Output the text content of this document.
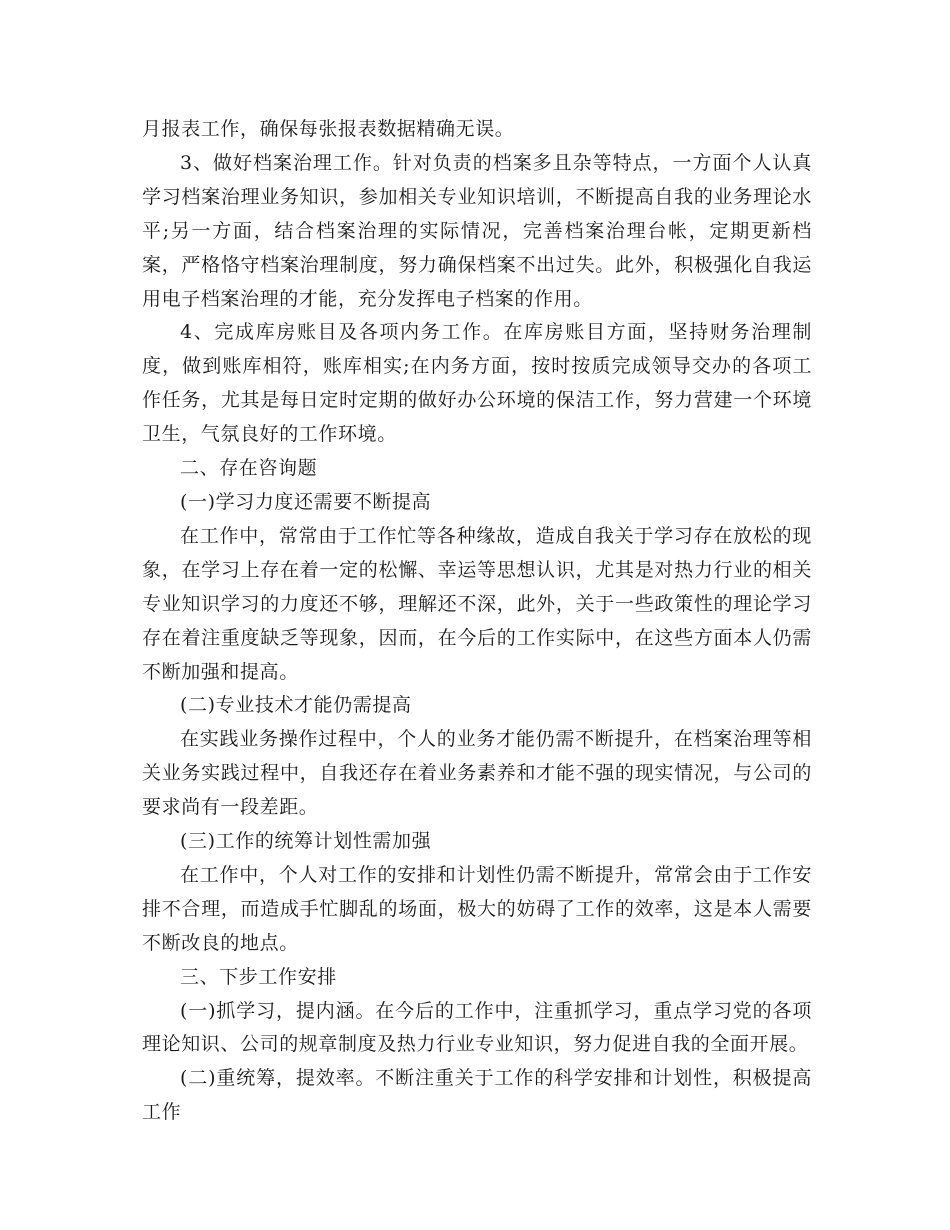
月报表工作，确保每张报表数据精确无误。

3、做好档案治理工作。针对负责的档案多且杂等特点，一方面个人认真学习档案治理业务知识，参加相关专业知识培训，不断提高自我的业务理论水平;另一方面，结合档案治理的实际情况，完善档案治理台帐，定期更新档案，严格恪守档案治理制度，努力确保档案不出过失。此外，积极强化自我运用电子档案治理的才能，充分发挥电子档案的作用。

4、完成库房账目及各项内务工作。在库房账目方面，坚持财务治理制度，做到账库相符，账库相实;在内务方面，按时按质完成领导交办的各项工作任务，尤其是每日定时定期的做好办公环境的保洁工作，努力营建一个环境卫生，气氛良好的工作环境。

二、存在咨询题

(一)学习力度还需要不断提高

在工作中，常常由于工作忙等各种缘故，造成自我关于学习存在放松的现象，在学习上存在着一定的松懈、幸运等思想认识，尤其是对热力行业的相关专业知识学习的力度还不够，理解还不深，此外，关于一些政策性的理论学习存在着注重度缺乏等现象，因而，在今后的工作实际中，在这些方面本人仍需不断加强和提高。

(二)专业技术才能仍需提高

在实践业务操作过程中，个人的业务才能仍需不断提升，在档案治理等相关业务实践过程中，自我还存在着业务素养和才能不强的现实情况，与公司的要求尚有一段差距。

(三)工作的统筹计划性需加强

在工作中，个人对工作的安排和计划性仍需不断提升，常常会由于工作安排不合理，而造成手忙脚乱的场面，极大的妨碍了工作的效率，这是本人需要不断改良的地点。

三、下步工作安排

(一)抓学习，提内涵。在今后的工作中，注重抓学习，重点学习党的各项理论知识、公司的规章制度及热力行业专业知识，努力促进自我的全面开展。

(二)重统筹，提效率。不断注重关于工作的科学安排和计划性，积极提高工作
